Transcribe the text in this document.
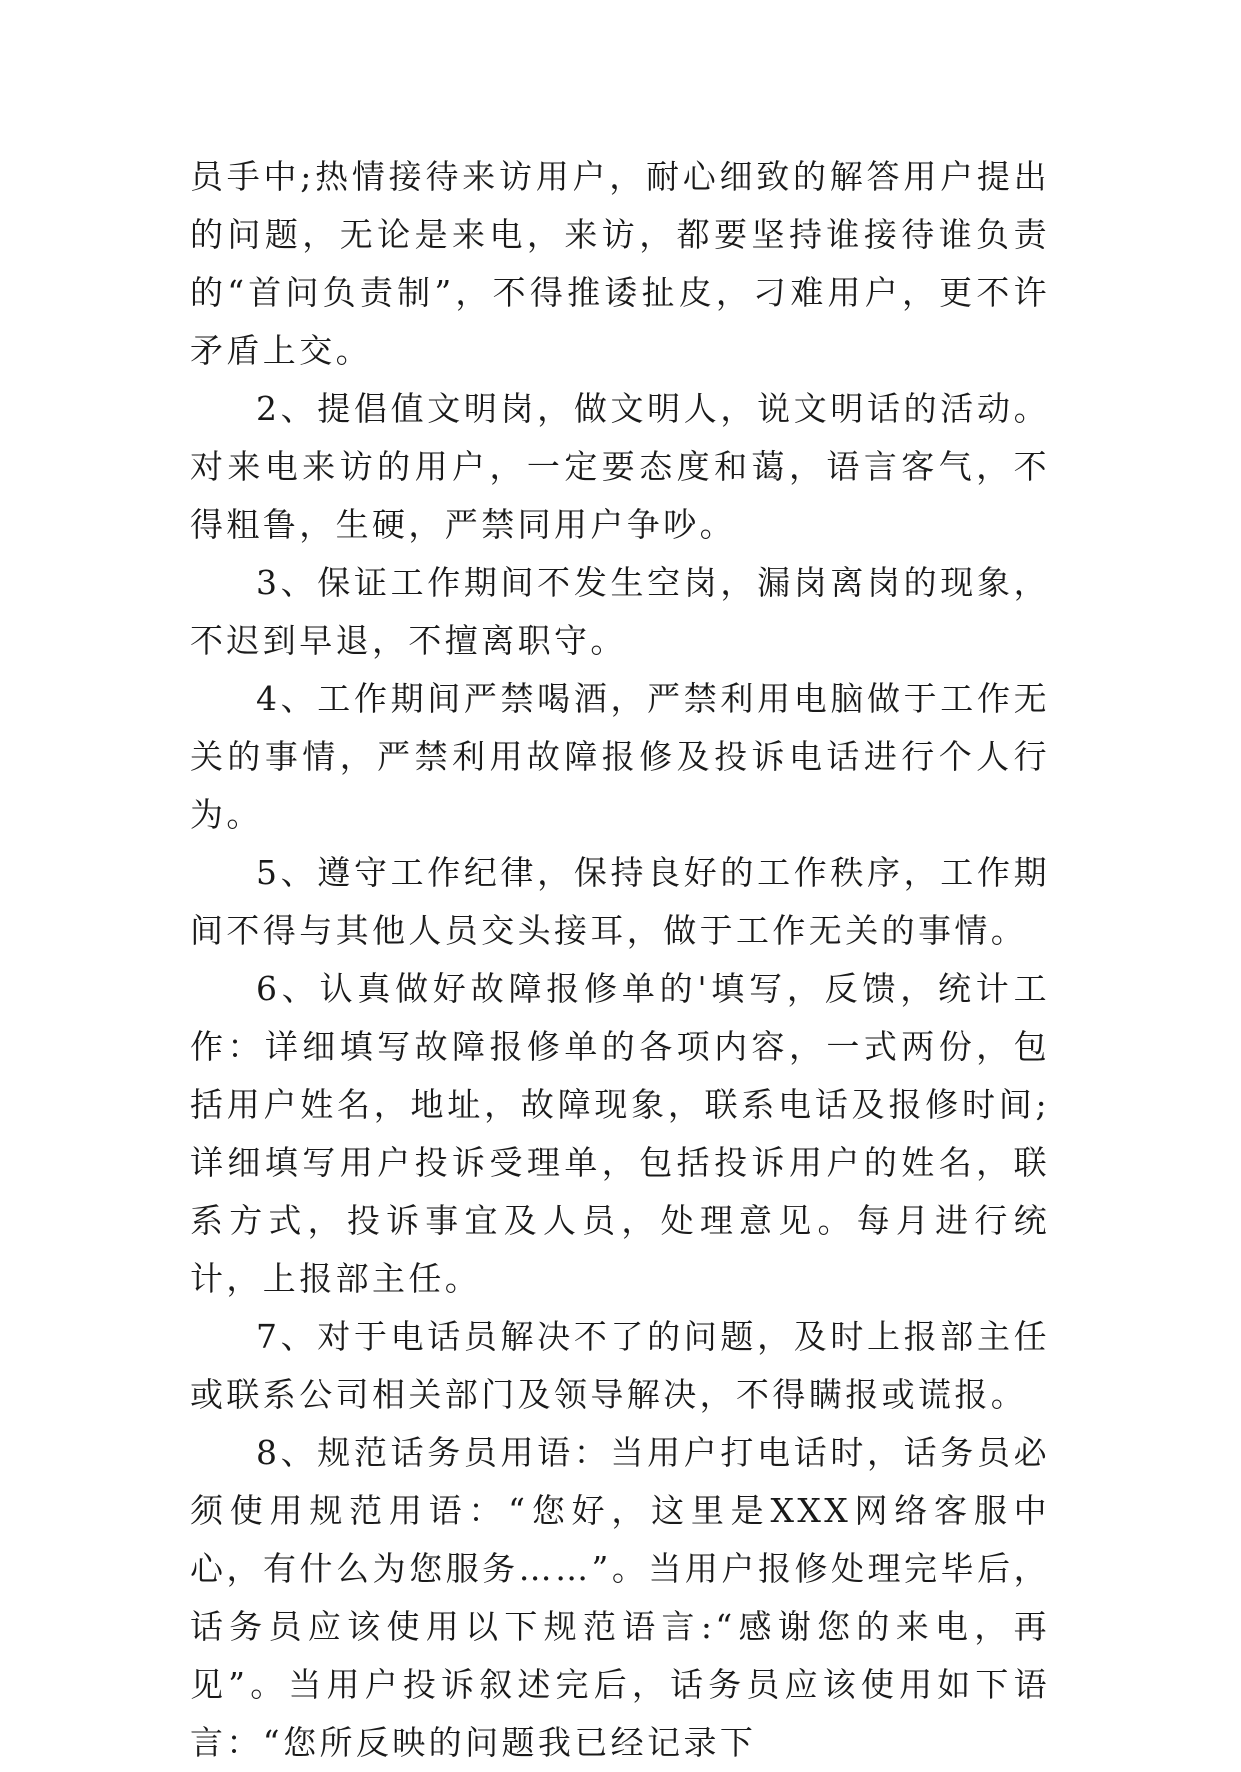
员手中;热情接待来访用户，耐心细致的解答用户提出的问题，无论是来电，来访，都要坚持谁接待谁负责的“首问负责制”，不得推诿扯皮，刁难用户，更不许矛盾上交。

2、提倡值文明岗，做文明人，说文明话的活动。对来电来访的用户，一定要态度和蔼，语言客气，不得粗鲁，生硬，严禁同用户争吵。

3、保证工作期间不发生空岗，漏岗离岗的现象，不迟到早退，不擅离职守。

4、工作期间严禁喝酒，严禁利用电脑做于工作无关的事情，严禁利用故障报修及投诉电话进行个人行为。

5、遵守工作纪律，保持良好的工作秩序，工作期间不得与其他人员交头接耳，做于工作无关的事情。

6、认真做好故障报修单的'填写，反馈，统计工作：详细填写故障报修单的各项内容，一式两份，包括用户姓名，地址，故障现象，联系电话及报修时间;详细填写用户投诉受理单，包括投诉用户的姓名，联系方式，投诉事宜及人员，处理意见。每月进行统计，上报部主任。

7、对于电话员解决不了的问题，及时上报部主任或联系公司相关部门及领导解决，不得瞒报或谎报。

8、规范话务员用语：当用户打电话时，话务员必须使用规范用语：“您好，这里是XXX网络客服中心，有什么为您服务……”。当用户报修处理完毕后，话务员应该使用以下规范语言:“感谢您的来电，再见”。当用户投诉叙述完后，话务员应该使用如下语言：“您所反映的问题我已经记录下
